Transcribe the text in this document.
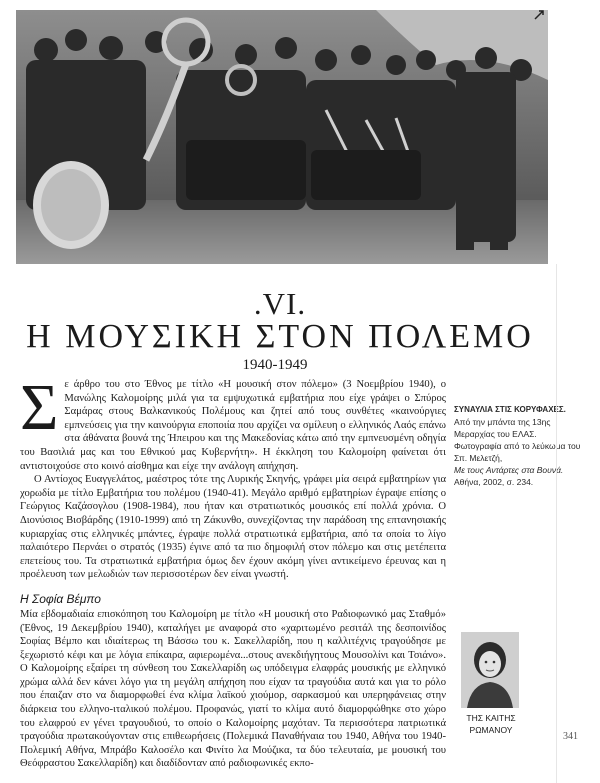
.VI.
Η ΜΟΥΣΙΚΗ ΣΤΟΝ ΠΟΛΕΜΟ
1940-1949

Σ ε άρθρο του στο Έθνος με τίτλο «Η μουσική στον πόλεμο» (3 Νοεμβρίου 1940), ο Μανώλης Καλομοίρης μιλά για τα εμψυχωτικά εμβατήρια που είχε γράψει ο Σπύρος Σαμάρας στους Βαλκανικούς Πολέμους και ζητεί από τους συνθέτες «καινούργιες εμπνεύσεις για την καινούργια εποποιία που αρχίζει να σμίλευη ο ελληνικός Λαός επάνω στα άθάνατα βουνά της Ήπειρου και της Μακεδονίας κάτω από την εμπνευσμένη οδηγία του Βασιλιά μας και του Εθνικού μας Κυβερνήτη». Η έκκληση του Καλομοίρη φαίνεται ότι αντιστοιχούσε στο κοινό αίσθημα και είχε την ανάλογη απήχηση.

Ο Αντίοχος Ευαγγελάτος, μαέστρος τότε της Λυρικής Σκηνής, γράφει μία σειρά εμβατηρίων για χορωδία με τίτλο Εμβατήρια του πολέμου (1940-41). Μεγάλο αριθμό εμβατηρίων έγραψε επίσης ο Γεώργιος Καζάσογλου (1908-1984), που ήταν και στρατιωτικός μουσικός επί πολλά χρόνια. Ο Διονύσιος Βισβάρδης (1910-1999) από τη Ζάκυνθο, συνεχίζοντας την παράδοση της επτανησιακής κυριαρχίας στις ελληνικές μπάντες, έγραψε πολλά στρατιωτικά εμβατήρια, από τα οποία το λίγο παλαιότερο Περνάει ο στρατός (1935) έγινε από τα πιο δημοφιλή στον πόλεμο και στις μετέπειτα επετείους του. Τα στρατιωτικά εμβατήρια όμως δεν έχουν ακόμη γίνει αντικείμενο έρευνας και η προέλευση των μελωδιών των περισσοτέρων δεν είναι γνωστή.

Η Σοφία Βέμπο

Μία εβδομαδιαία επισκόπηση του Καλομοίρη με τίτλο «Η μουσική στο Ραδιοφωνικό μας Σταθμό» (Έθνος, 19 Δεκεμβρίου 1940), καταλήγει με αναφορά στο «χαριτωμένο ρεσιτάλ της δεσποινίδος Σοφίας Βέμπο και ιδιαίτερως τη Βάσσω του κ. Σακελλαρίδη, που η καλλιτέχνις τραγούδησε με ξεχωριστό κέφι και με λόγια επίκαιρα, αφιερωμένα...στους ανεκδιήγητους Μουσολίνι και Τσιάνο». Ο Καλομοίρης εξαίρει τη σύνθεση του Σακελλαρίδη ως υπόδειγμα ελαφράς μουσικής με ελληνικό χρώμα αλλά δεν κάνει λόγο για τη μεγάλη απήχηση που είχαν τα τραγούδια αυτά και για το ρόλο που έπαιζαν στο να διαμορφωθεί ένα κλίμα λαϊκού χιούμορ, σαρκασμού και υπερηφάνειας στην διάρκεια του ελληνο-ιταλικού πολέμου. Προφανώς, γιατί το κλίμα αυτό διαμορφώθηκε στο χώρο του ελαφρού εν γένει τραγουδιού, το οποίο ο Καλομοίρης μαχόταν. Τα περισσότερα πατριωτικά τραγούδια πρωτακούγονταν στις επιθεωρήσεις (Πολεμικά Παναθήναια του 1940, Αθήνα του 1940-Πολεμική Αθήνα, Μπράβο Καλοσέλο και Φινίτο λα Μούζικα, τα δύο τελευταία, με μουσική του Θεόφραστου Σακελλαρίδη) και διαδίδονταν από ραδιοφωνικές εκπο-

ΣΥΝΑΥΛΙΑ ΣΤΙΣ ΚΟΡΥΦΑΧΕΣ.
Από την μπάντα της 13ης Μεραρχίας του ΕΛΑΣ. Φωτογραφία από το λεύκωμα του Σπ. Μελετζή,
Με τους Αντάρτες στα Βουνά.
Αθήνα, 2002, σ. 234.
ΤΗΣ ΚΑΙΤΗΣ ΡΩΜΑΝΟΥ
341
